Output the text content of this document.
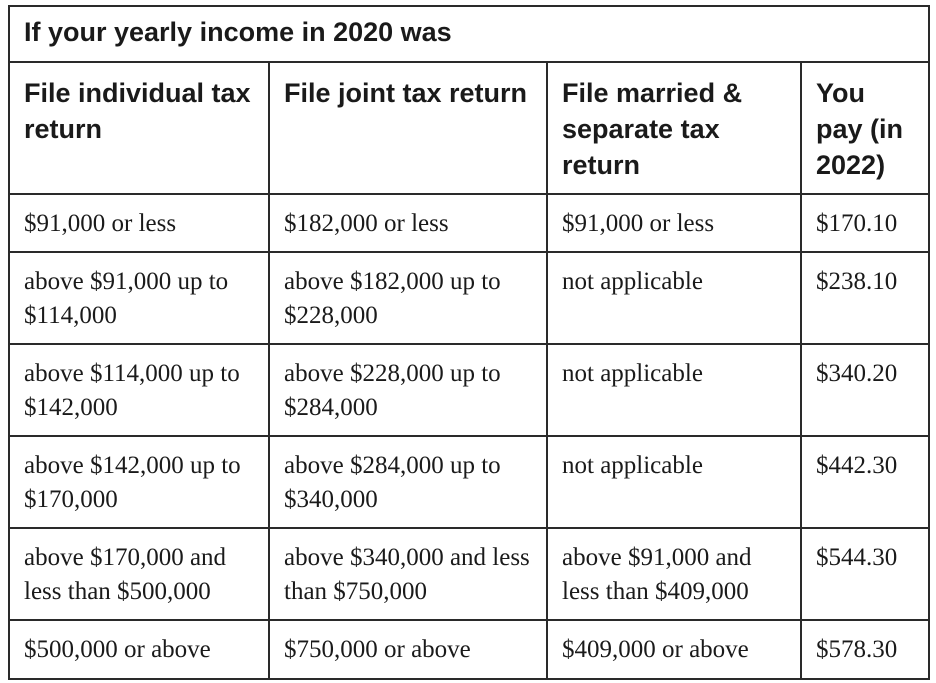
If your yearly income in 2020 was			
File individual tax return	File joint tax return	File married & separate tax return	You pay (in 2022)
$91,000 or less	$182,000 or less	$91,000 or less	$170.10
above $91,000 up to $114,000	above $182,000 up to $228,000	not applicable	$238.10
above $114,000 up to $142,000	above $228,000 up to $284,000	not applicable	$340.20
above $142,000 up to $170,000	above $284,000 up to $340,000	not applicable	$442.30
above $170,000 and less than $500,000	above $340,000 and less than $750,000	above $91,000 and less than $409,000	$544.30
$500,000 or above	$750,000 or above	$409,000 or above	$578.30
